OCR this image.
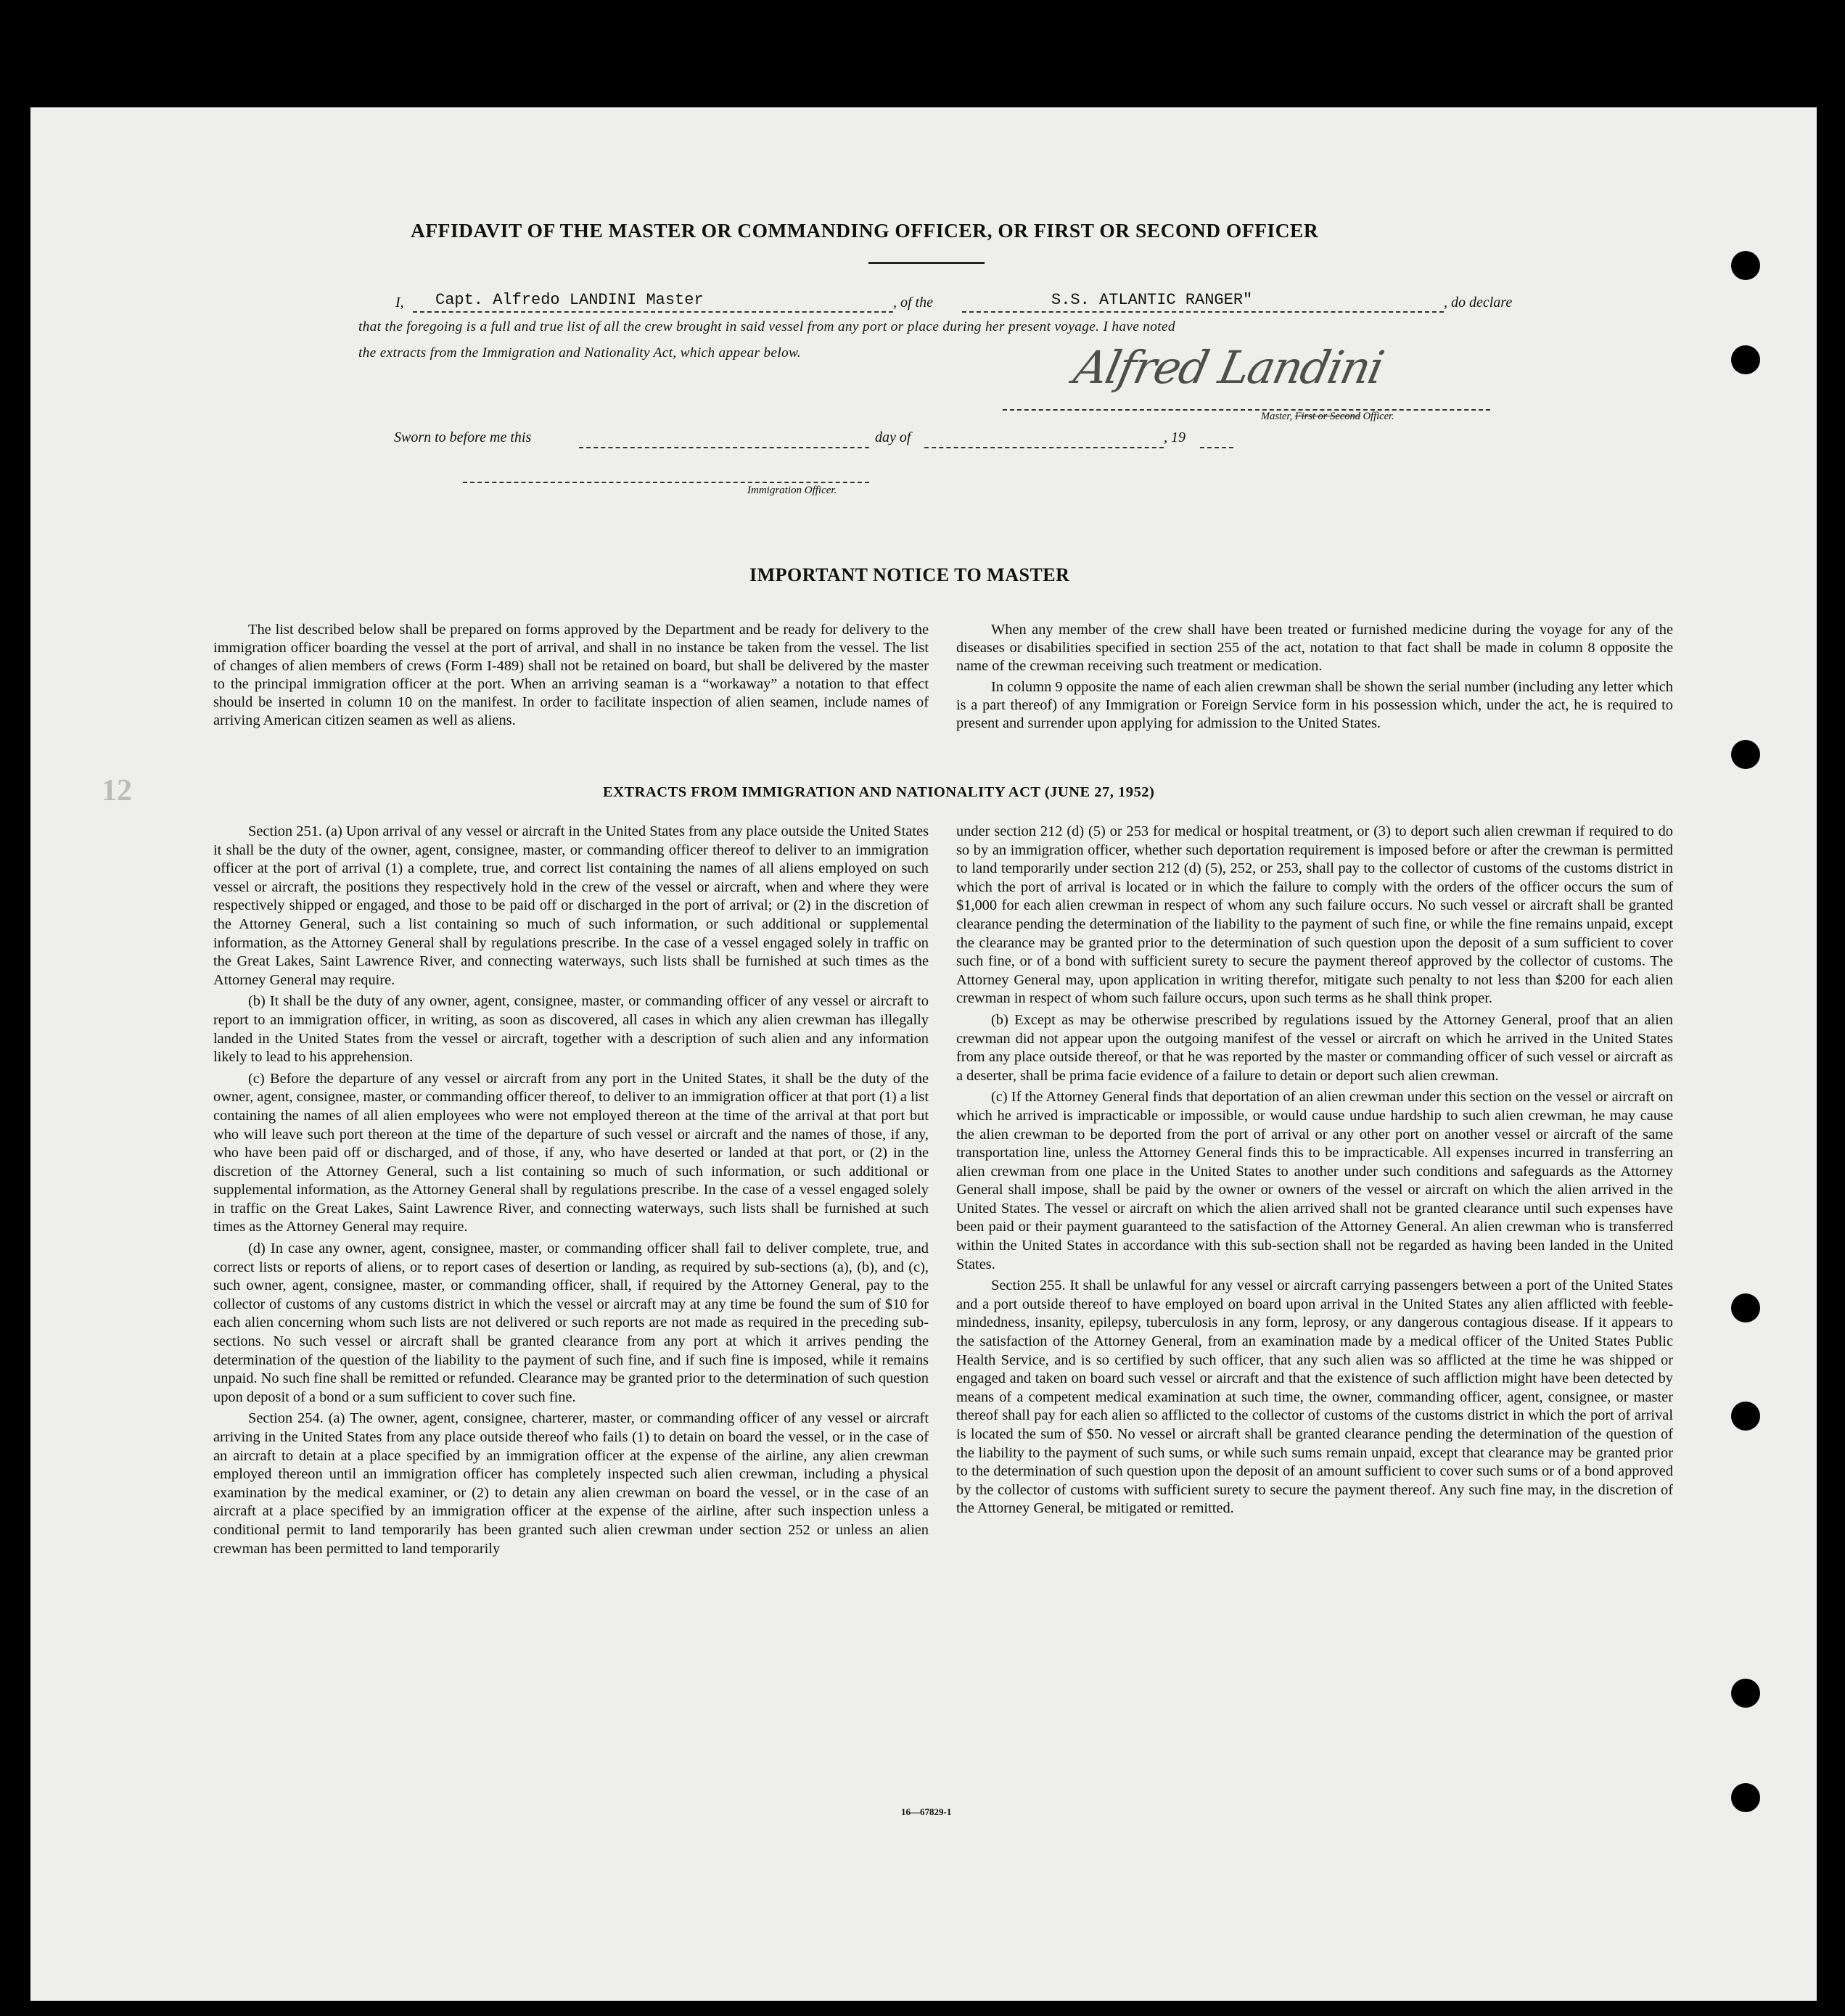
12
AFFIDAVIT OF THE MASTER OR COMMANDING OFFICER, OR FIRST OR SECOND OFFICER
I, Capt. Alfredo LANDINI Master	, of the	S.S. ATLANTIC RANGER"	, do declare
that the foregoing is a full and true list of all the crew brought in said vessel from any port or place during her present voyage. I have noted
the extracts from the Immigration and Nationality Act, which appear below.	Alfred Landini
Master, First or Second Officer.
Sworn to before me this	day of	, 19
Immigration Officer.
IMPORTANT NOTICE TO MASTER

The list described below shall be prepared on forms approved by the Department and be ready for delivery to the immigration officer boarding the vessel at the port of arrival, and shall in no instance be taken from the vessel. The list of changes of alien members of crews (Form I-489) shall not be retained on board, but shall be delivered by the master to the principal immigration officer at the port. When an arriving seaman is a “workaway” a notation to that effect should be inserted in column 10 on the manifest. In order to facilitate inspection of alien seamen, include names of arriving American citizen seamen as well as aliens.

When any member of the crew shall have been treated or furnished medicine during the voyage for any of the diseases or disabilities specified in section 255 of the act, notation to that fact shall be made in column 8 opposite the name of the crewman receiving such treatment or medication.

In column 9 opposite the name of each alien crewman shall be shown the serial number (including any letter which is a part thereof) of any Immigration or Foreign Service form in his possession which, under the act, he is required to present and surrender upon applying for admission to the United States.

EXTRACTS FROM IMMIGRATION AND NATIONALITY ACT (JUNE 27, 1952)

Section 251. (a) Upon arrival of any vessel or aircraft in the United States from any place outside the United States it shall be the duty of the owner, agent, consignee, master, or commanding officer thereof to deliver to an immigration officer at the port of arrival (1) a complete, true, and correct list containing the names of all aliens employed on such vessel or aircraft, the positions they respectively hold in the crew of the vessel or aircraft, when and where they were respectively shipped or engaged, and those to be paid off or discharged in the port of arrival; or (2) in the discretion of the Attorney General, such a list containing so much of such information, or such additional or supplemental information, as the Attorney General shall by regulations prescribe. In the case of a vessel engaged solely in traffic on the Great Lakes, Saint Lawrence River, and connecting waterways, such lists shall be furnished at such times as the Attorney General may require.

(b) It shall be the duty of any owner, agent, consignee, master, or commanding officer of any vessel or aircraft to report to an immigration officer, in writing, as soon as discovered, all cases in which any alien crewman has illegally landed in the United States from the vessel or aircraft, together with a description of such alien and any information likely to lead to his apprehension.

(c) Before the departure of any vessel or aircraft from any port in the United States, it shall be the duty of the owner, agent, consignee, master, or commanding officer thereof, to deliver to an immigration officer at that port (1) a list containing the names of all alien employees who were not employed thereon at the time of the arrival at that port but who will leave such port thereon at the time of the departure of such vessel or aircraft and the names of those, if any, who have been paid off or discharged, and of those, if any, who have deserted or landed at that port, or (2) in the discretion of the Attorney General, such a list containing so much of such information, or such additional or supplemental information, as the Attorney General shall by regulations prescribe. In the case of a vessel engaged solely in traffic on the Great Lakes, Saint Lawrence River, and connecting waterways, such lists shall be furnished at such times as the Attorney General may require.

(d) In case any owner, agent, consignee, master, or commanding officer shall fail to deliver complete, true, and correct lists or reports of aliens, or to report cases of desertion or landing, as required by sub-sections (a), (b), and (c), such owner, agent, consignee, master, or commanding officer, shall, if required by the Attorney General, pay to the collector of customs of any customs district in which the vessel or aircraft may at any time be found the sum of $10 for each alien concerning whom such lists are not delivered or such reports are not made as required in the preceding sub-sections. No such vessel or aircraft shall be granted clearance from any port at which it arrives pending the determination of the question of the liability to the payment of such fine, and if such fine is imposed, while it remains unpaid. No such fine shall be remitted or refunded. Clearance may be granted prior to the determination of such question upon deposit of a bond or a sum sufficient to cover such fine.

Section 254. (a) The owner, agent, consignee, charterer, master, or commanding officer of any vessel or aircraft arriving in the United States from any place outside thereof who fails (1) to detain on board the vessel, or in the case of an aircraft to detain at a place specified by an immigration officer at the expense of the airline, any alien crewman employed thereon until an immigration officer has completely inspected such alien crewman, including a physical examination by the medical examiner, or (2) to detain any alien crewman on board the vessel, or in the case of an aircraft at a place specified by an immigration officer at the expense of the airline, after such inspection unless a conditional permit to land temporarily has been granted such alien crewman under section 252 or unless an alien crewman has been permitted to land temporarily

under section 212 (d) (5) or 253 for medical or hospital treatment, or (3) to deport such alien crewman if required to do so by an immigration officer, whether such deportation requirement is imposed before or after the crewman is permitted to land temporarily under section 212 (d) (5), 252, or 253, shall pay to the collector of customs of the customs district in which the port of arrival is located or in which the failure to comply with the orders of the officer occurs the sum of $1,000 for each alien crewman in respect of whom any such failure occurs. No such vessel or aircraft shall be granted clearance pending the determination of the liability to the payment of such fine, or while the fine remains unpaid, except the clearance may be granted prior to the determination of such question upon the deposit of a sum sufficient to cover such fine, or of a bond with sufficient surety to secure the payment thereof approved by the collector of customs. The Attorney General may, upon application in writing therefor, mitigate such penalty to not less than $200 for each alien crewman in respect of whom such failure occurs, upon such terms as he shall think proper.

(b) Except as may be otherwise prescribed by regulations issued by the Attorney General, proof that an alien crewman did not appear upon the outgoing manifest of the vessel or aircraft on which he arrived in the United States from any place outside thereof, or that he was reported by the master or commanding officer of such vessel or aircraft as a deserter, shall be prima facie evidence of a failure to detain or deport such alien crewman.

(c) If the Attorney General finds that deportation of an alien crewman under this section on the vessel or aircraft on which he arrived is impracticable or impossible, or would cause undue hardship to such alien crewman, he may cause the alien crewman to be deported from the port of arrival or any other port on another vessel or aircraft of the same transportation line, unless the Attorney General finds this to be impracticable. All expenses incurred in transferring an alien crewman from one place in the United States to another under such conditions and safeguards as the Attorney General shall impose, shall be paid by the owner or owners of the vessel or aircraft on which the alien arrived in the United States. The vessel or aircraft on which the alien arrived shall not be granted clearance until such expenses have been paid or their payment guaranteed to the satisfaction of the Attorney General. An alien crewman who is transferred within the United States in accordance with this sub-section shall not be regarded as having been landed in the United States.

Section 255. It shall be unlawful for any vessel or aircraft carrying passengers between a port of the United States and a port outside thereof to have employed on board upon arrival in the United States any alien afflicted with feeble-mindedness, insanity, epilepsy, tuberculosis in any form, leprosy, or any dangerous contagious disease. If it appears to the satisfaction of the Attorney General, from an examination made by a medical officer of the United States Public Health Service, and is so certified by such officer, that any such alien was so afflicted at the time he was shipped or engaged and taken on board such vessel or aircraft and that the existence of such affliction might have been detected by means of a competent medical examination at such time, the owner, commanding officer, agent, consignee, or master thereof shall pay for each alien so afflicted to the collector of customs of the customs district in which the port of arrival is located the sum of $50. No vessel or aircraft shall be granted clearance pending the determination of the question of the liability to the payment of such sums, or while such sums remain unpaid, except that clearance may be granted prior to the determination of such question upon the deposit of an amount sufficient to cover such sums or of a bond approved by the collector of customs with sufficient surety to secure the payment thereof. Any such fine may, in the discretion of the Attorney General, be mitigated or remitted.

16—67829-1
